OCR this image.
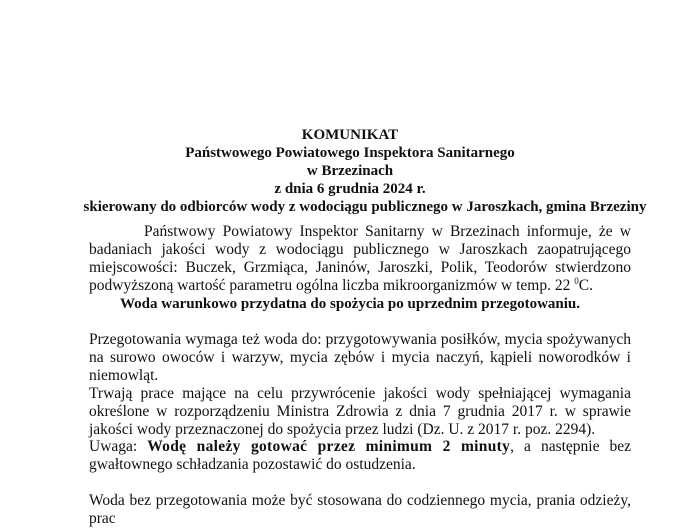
KOMUNIKAT
Państwowego Powiatowego Inspektora Sanitarnego
w Brzezinach
z dnia 6 grudnia 2024 r.
skierowany do odbiorców wody z wodociągu publicznego w Jaroszkach, gmina Brzeziny

Państwowy Powiatowy Inspektor Sanitarny w Brzezinach informuje, że w badaniach jakości wody z wodociągu publicznego w Jaroszkach zaopatrującego miejscowości: Buczek, Grzmiąca, Janinów, Jaroszki, Polik, Teodorów stwierdzono podwyższoną wartość parametru ogólna liczba mikroorganizmów w temp. 22 $^0$C.

Woda warunkowo przydatna do spożycia po uprzednim przegotowaniu.

Przegotowania wymaga też woda do: przygotowywania posiłków, mycia spożywanych na surowo owoców i warzyw, mycia zębów i mycia naczyń, kąpieli noworodków i niemowląt.

Trwają prace mające na celu przywrócenie jakości wody spełniającej wymagania określone w rozporządzeniu Ministra Zdrowia z dnia 7 grudnia 2017 r. w sprawie jakości wody przeznaczonej do spożycia przez ludzi (Dz. U. z 2017 r. poz. 2294).

Uwaga: Wodę należy gotować przez minimum 2 minuty, a następnie bez gwałtownego schładzania pozostawić do ostudzenia.

Woda bez przegotowania może być stosowana do codziennego mycia, prania odzieży, prac
